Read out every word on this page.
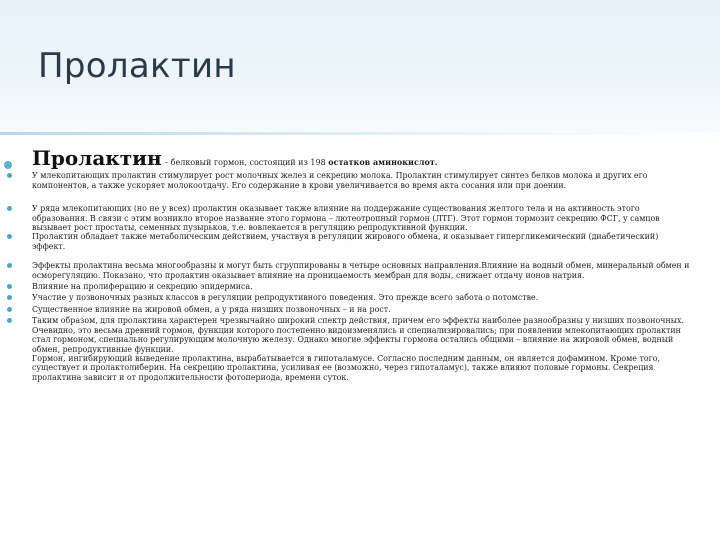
Пролактин
Пролактин – белковый гормон, состоящий из 198 остатков аминокислот.
У млекопитающих пролактин стимулирует рост молочных желез и секрецию молока. Пролактин стимулирует синтез белков молока и других его компонентов, а также ускоряет молокоотдачу. Его содержание в крови увеличивается во время акта сосания или при доении.
У ряда млекопитающих (но не у всех) пролактин оказывает также влияние на поддержание существования желтого тела и на активность этого образования. В связи с этим возникло второе название этого гормона – лютеотропный гормон (ЛТГ). Этот гормон тормозит секрецию ФСГ, у самцов вызывает рост простаты, семенных пузырьков, т.е. вовлекается в регуляцию репродуктивной функции.
Пролактин обладает также метаболическим действием, участвуя в регуляции жирового обмена, и оказывает гипергликемический (диабетический) эффект.
Эффекты пролактина весьма многообразны и могут быть сгруппированы в четыре основных направления.Влияние на водный обмен, минеральный обмен и осморегуляцию. Показано, что пролактин оказывает влияние на проницаемость мембран для воды, снижает отдачу ионов натрия.
Влияние на пролиферацию и секрецию эпидермиса.
Участие у позвоночных разных классов в регуляции репродуктивного поведения. Это прежде всего забота о потомстве.
Существенное влияние на жировой обмен, а у ряда низших позвоночных – и на рост.
Таким образом, для пролактина характерен чрезвычайно широкий спектр действия, причем его эффекты наиболее разнообразны у низших позвоночных. Очевидно, это весьма древний гормон, функции которого постепенно видоизменялись и специализировались; при появлении млекопитающих пролактин стал гормоном, специально регулирующим молочную железу. Однако многие эффекты гормона остались общими – влияние на жировой обмен, водный обмен, репродуктивные функции.
Гормон, ингибирующий выведение пролактина, вырабатывается в гипоталамусе. Согласно последним данным, он является дофамином. Кроме того, существует и пролактолиберин. На секрецию пролактина, усиливая ее (возможно, через гипоталамус), также влияют половые гормоны. Секреция пролактина зависит и от продолжительности фотопериода, времени суток.
